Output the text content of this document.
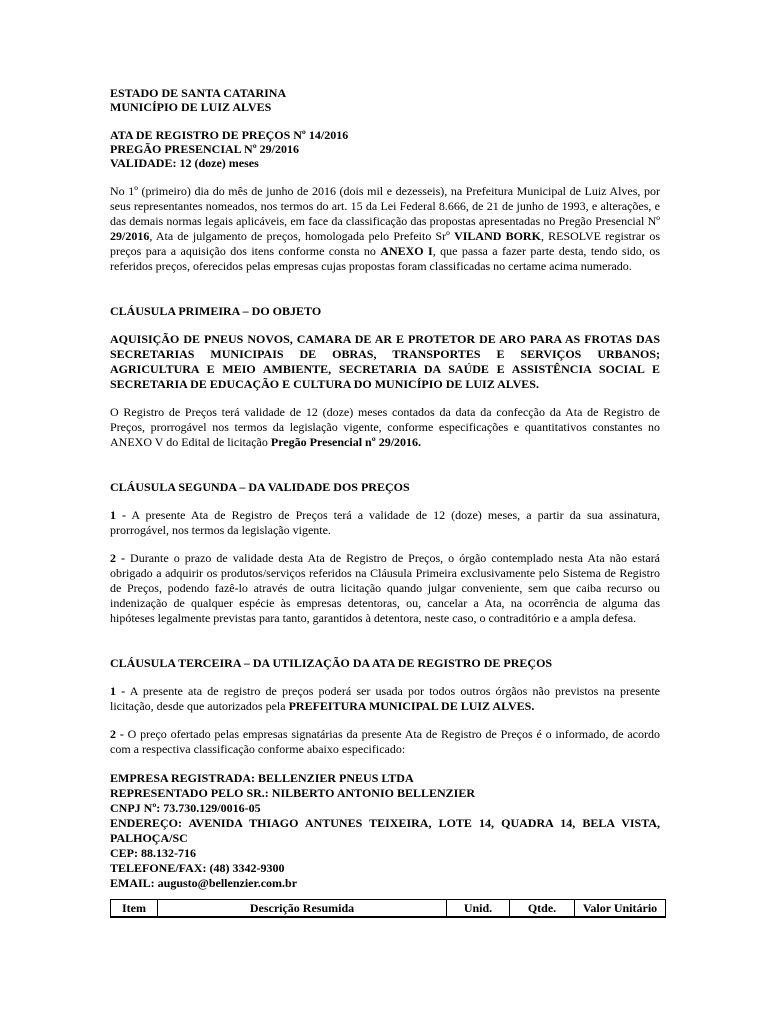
ESTADO DE SANTA CATARINA

MUNICÍPIO DE LUIZ ALVES

ATA DE REGISTRO DE PREÇOS Nº 14/2016

PREGÃO PRESENCIAL Nº 29/2016

VALIDADE: 12 (doze) meses

No 1º (primeiro) dia do mês de junho de 2016 (dois mil e dezesseis), na Prefeitura Municipal de Luiz Alves, por seus representantes nomeados, nos termos do art. 15 da Lei Federal 8.666, de 21 de junho de 1993, e alterações, e das demais normas legais aplicáveis, em face da classificação das propostas apresentadas no Pregão Presencial Nº 29/2016, Ata de julgamento de preços, homologada pelo Prefeito Srº VILAND BORK, RESOLVE registrar os preços para a aquisição dos itens conforme consta no ANEXO I, que passa a fazer parte desta, tendo sido, os referidos preços, oferecidos pelas empresas cujas propostas foram classificadas no certame acima numerado.

CLÁUSULA PRIMEIRA – DO OBJETO

AQUISIÇÃO DE PNEUS NOVOS, CAMARA DE AR E PROTETOR DE ARO PARA AS FROTAS DAS SECRETARIAS MUNICIPAIS DE OBRAS, TRANSPORTES E SERVIÇOS URBANOS; AGRICULTURA E MEIO AMBIENTE, SECRETARIA DA SAÚDE E ASSISTÊNCIA SOCIAL E SECRETARIA DE EDUCAÇÃO E CULTURA DO MUNICÍPIO DE LUIZ ALVES.

O Registro de Preços terá validade de 12 (doze) meses contados da data da confecção da Ata de Registro de Preços, prorrogável nos termos da legislação vigente, conforme especificações e quantitativos constantes no ANEXO V do Edital de licitação Pregão Presencial nº 29/2016.

CLÁUSULA SEGUNDA – DA VALIDADE DOS PREÇOS

1 - A presente Ata de Registro de Preços terá a validade de 12 (doze) meses, a partir da sua assinatura, prorrogável, nos termos da legislação vigente.

2 - Durante o prazo de validade desta Ata de Registro de Preços, o órgão contemplado nesta Ata não estará obrigado a adquirir os produtos/serviços referidos na Cláusula Primeira exclusivamente pelo Sistema de Registro de Preços, podendo fazê-lo através de outra licitação quando julgar conveniente, sem que caiba recurso ou indenização de qualquer espécie às empresas detentoras, ou, cancelar a Ata, na ocorrência de alguma das hipóteses legalmente previstas para tanto, garantidos à detentora, neste caso, o contraditório e a ampla defesa.

CLÁUSULA TERCEIRA – DA UTILIZAÇÃO DA ATA DE REGISTRO DE PREÇOS

1 - A presente ata de registro de preços poderá ser usada por todos outros órgãos não previstos na presente licitação, desde que autorizados pela PREFEITURA MUNICIPAL DE LUIZ ALVES.

2 - O preço ofertado pelas empresas signatárias da presente Ata de Registro de Preços é o informado, de acordo com a respectiva classificação conforme abaixo especificado:

EMPRESA REGISTRADA: BELLENZIER PNEUS LTDA
REPRESENTADO PELO SR.: NILBERTO ANTONIO BELLENZIER
CNPJ Nº: 73.730.129/0016-05
ENDEREÇO: AVENIDA THIAGO ANTUNES TEIXEIRA, LOTE 14, QUADRA 14, BELA VISTA, PALHOÇA/SC
CEP: 88.132-716
TELEFONE/FAX: (48) 3342-9300
EMAIL: augusto@bellenzier.com.br
Item	Descrição Resumida	Unid.	Qtde.	Valor Unitário
